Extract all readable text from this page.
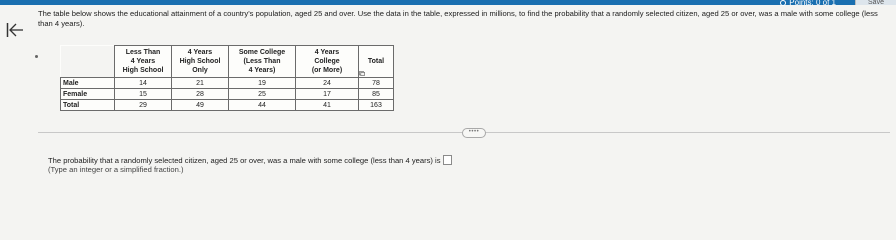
Points: 0 of 1	Save
The table below shows the educational attainment of a country's population, aged 25 and over. Use the data in the table, expressed in millions, to find the probability that a randomly selected citizen, aged 25 or over, was a male with some college (less than 4 years).
	Less Than
4 Years
High School	4 Years
High School
Only	Some College
(Less Than
4 Years)	4 Years
College
(or More)	Total
Male	14	21	19	24	78
Female	15	28	25	17	85
Total	29	49	44	41	163
••••
The probability that a randomly selected citizen, aged 25 or over, was a male with some college (less than 4 years) is
(Type an integer or a simplified fraction.)
